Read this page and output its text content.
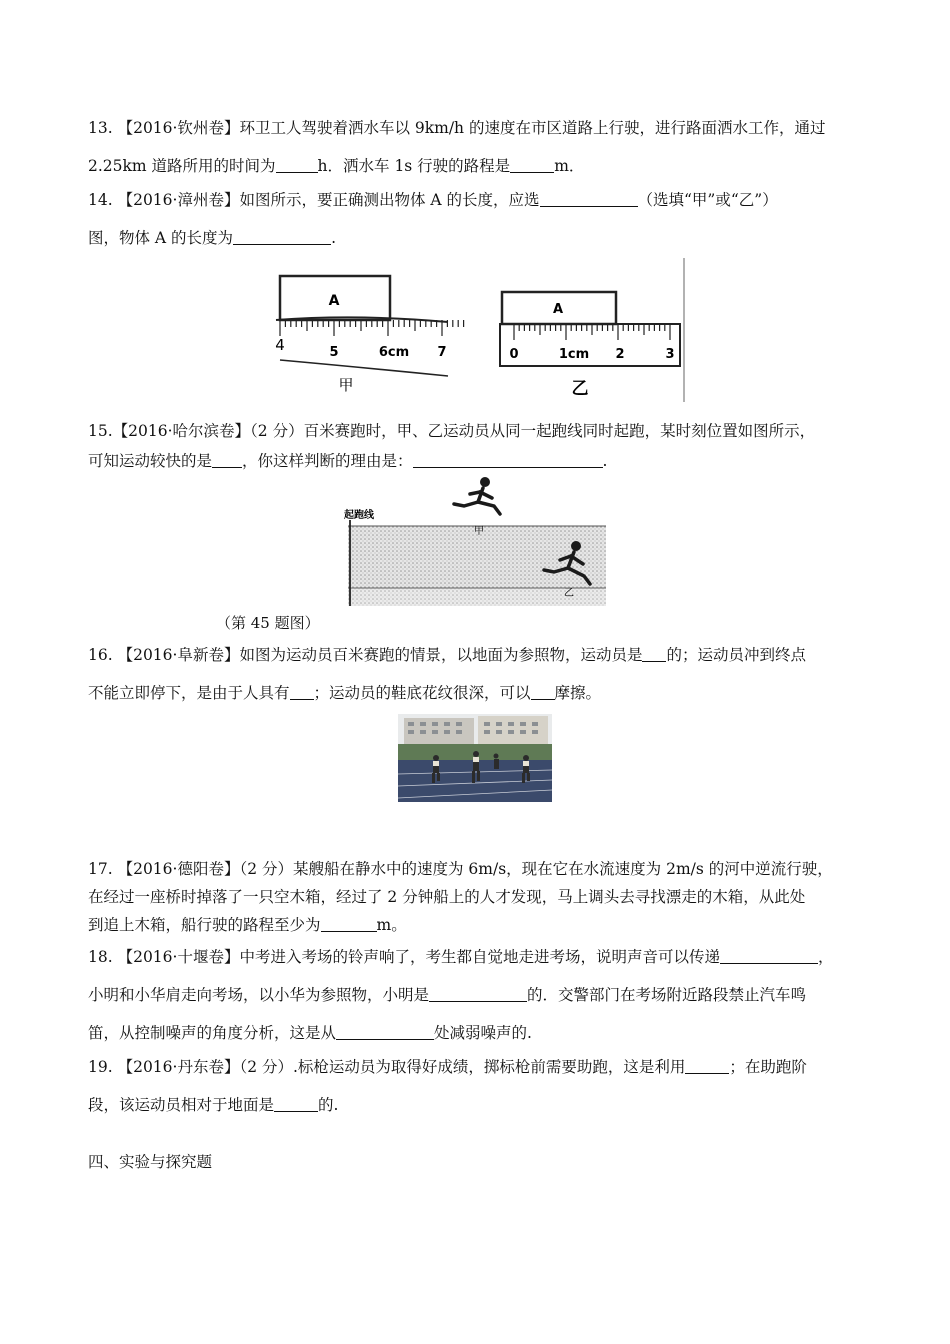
13. 【2016·钦州卷】环卫工人驾驶着洒水车以 9km/h 的速度在市区道路上行驶，进行路面洒水工作，通过
2.25km 道路所用的时间为	h．洒水车 1s 行驶的路程是	m．
14. 【2016·漳州卷】如图所示，要正确测出物体 A 的长度，应选	（选填“甲”或“乙”）
图，物体 A 的长度为	.
A
4	5	6cm 7
甲
A
0	1cm 2	3
乙
15.【2016·哈尔滨卷】（2 分）百米赛跑时，甲、乙运动员从同一起跑线同时起跑，某时刻位置如图所示，
可知运动较快的是 ，你这样判断的理由是：	.
起跑线
甲
乙
（第 45 题图）
16. 【2016·阜新卷】如图为运动员百米赛跑的情景，以地面为参照物，运动员是 的；运动员冲到终点
不能立即停下，是由于人具有 ；运动员的鞋底花纹很深，可以 摩擦。
17. 【2016·德阳卷】（2 分）某艘船在静水中的速度为 6m/s，现在它在水流速度为 2m/s 的河中逆流行驶，
在经过一座桥时掉落了一只空木箱，经过了 2 分钟船上的人才发现，马上调头去寻找漂走的木箱，从此处
到追上木箱，船行驶的路程至少为	m。
18. 【2016·十堰卷】中考进入考场的铃声响了，考生都自觉地走进考场，说明声音可以传递	，
小明和小华肩走向考场，以小华为参照物，小明是	的．交警部门在考场附近路段禁止汽车鸣
笛，从控制噪声的角度分析，这是从	处减弱噪声的.
19. 【2016·丹东卷】（2 分）.标枪运动员为取得好成绩，掷标枪前需要助跑，这是利用	；在助跑阶
段，该运动员相对于地面是	的.
四、实验与探究题
